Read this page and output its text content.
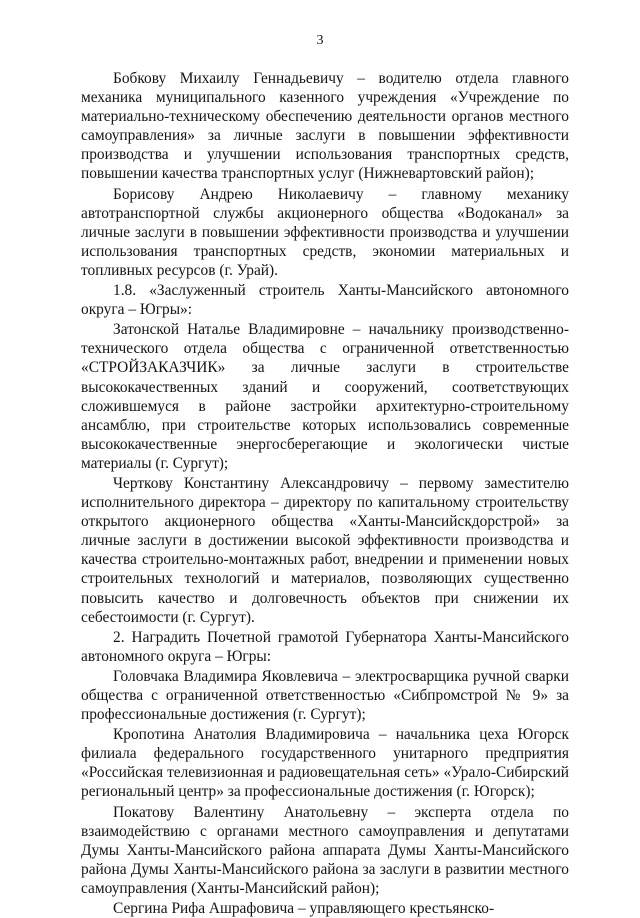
3

Бобкову Михаилу Геннадьевичу – водителю отдела главного механика муниципального казенного учреждения «Учреждение по материально-техническому обеспечению деятельности органов местного самоуправления» за личные заслуги в повышении эффективности производства и улучшении использования транспортных средств, повышении качества транспортных услуг (Нижневартовский район);

Борисову Андрею Николаевичу – главному механику автотранспортной службы акционерного общества «Водоканал» за личные заслуги в повышении эффективности производства и улучшении использования транспортных средств, экономии материальных и топливных ресурсов (г. Урай).

1.8. «Заслуженный строитель Ханты-Мансийского автономного округа – Югры»:

Затонской Наталье Владимировне – начальнику производственно-технического отдела общества с ограниченной ответственностью «СТРОЙЗАКАЗЧИК» за личные заслуги в строительстве высококачественных зданий и сооружений, соответствующих сложившемуся в районе застройки архитектурно-строительному ансамблю, при строительстве которых использовались современные высококачественные энергосберегающие и экологически чистые материалы (г. Сургут);

Черткову Константину Александровичу – первому заместителю исполнительного директора – директору по капитальному строительству открытого акционерного общества «Ханты-Мансийскдорстрой» за личные заслуги в достижении высокой эффективности производства и качества строительно-монтажных работ, внедрении и применении новых строительных технологий и материалов, позволяющих существенно повысить качество и долговечность объектов при снижении их себестоимости (г. Сургут).

2. Наградить Почетной грамотой Губернатора Ханты-Мансийского автономного округа – Югры:

Головчака Владимира Яковлевича – электросварщика ручной сварки общества с ограниченной ответственностью «Сибпромстрой № 9» за профессиональные достижения (г. Сургут);

Кропотина Анатолия Владимировича – начальника цеха Югорск филиала федерального государственного унитарного предприятия «Российская телевизионная и радиовещательная сеть» «Урало-Сибирский региональный центр» за профессиональные достижения (г. Югорск);

Покатову Валентину Анатольевну – эксперта отдела по взаимодействию с органами местного самоуправления и депутатами Думы Ханты-Мансийского района аппарата Думы Ханты-Мансийского района Думы Ханты-Мансийского района за заслуги в развитии местного самоуправления (Ханты-Мансийский район);

Сергина Рифа Ашрафовича – управляющего крестьянско-
